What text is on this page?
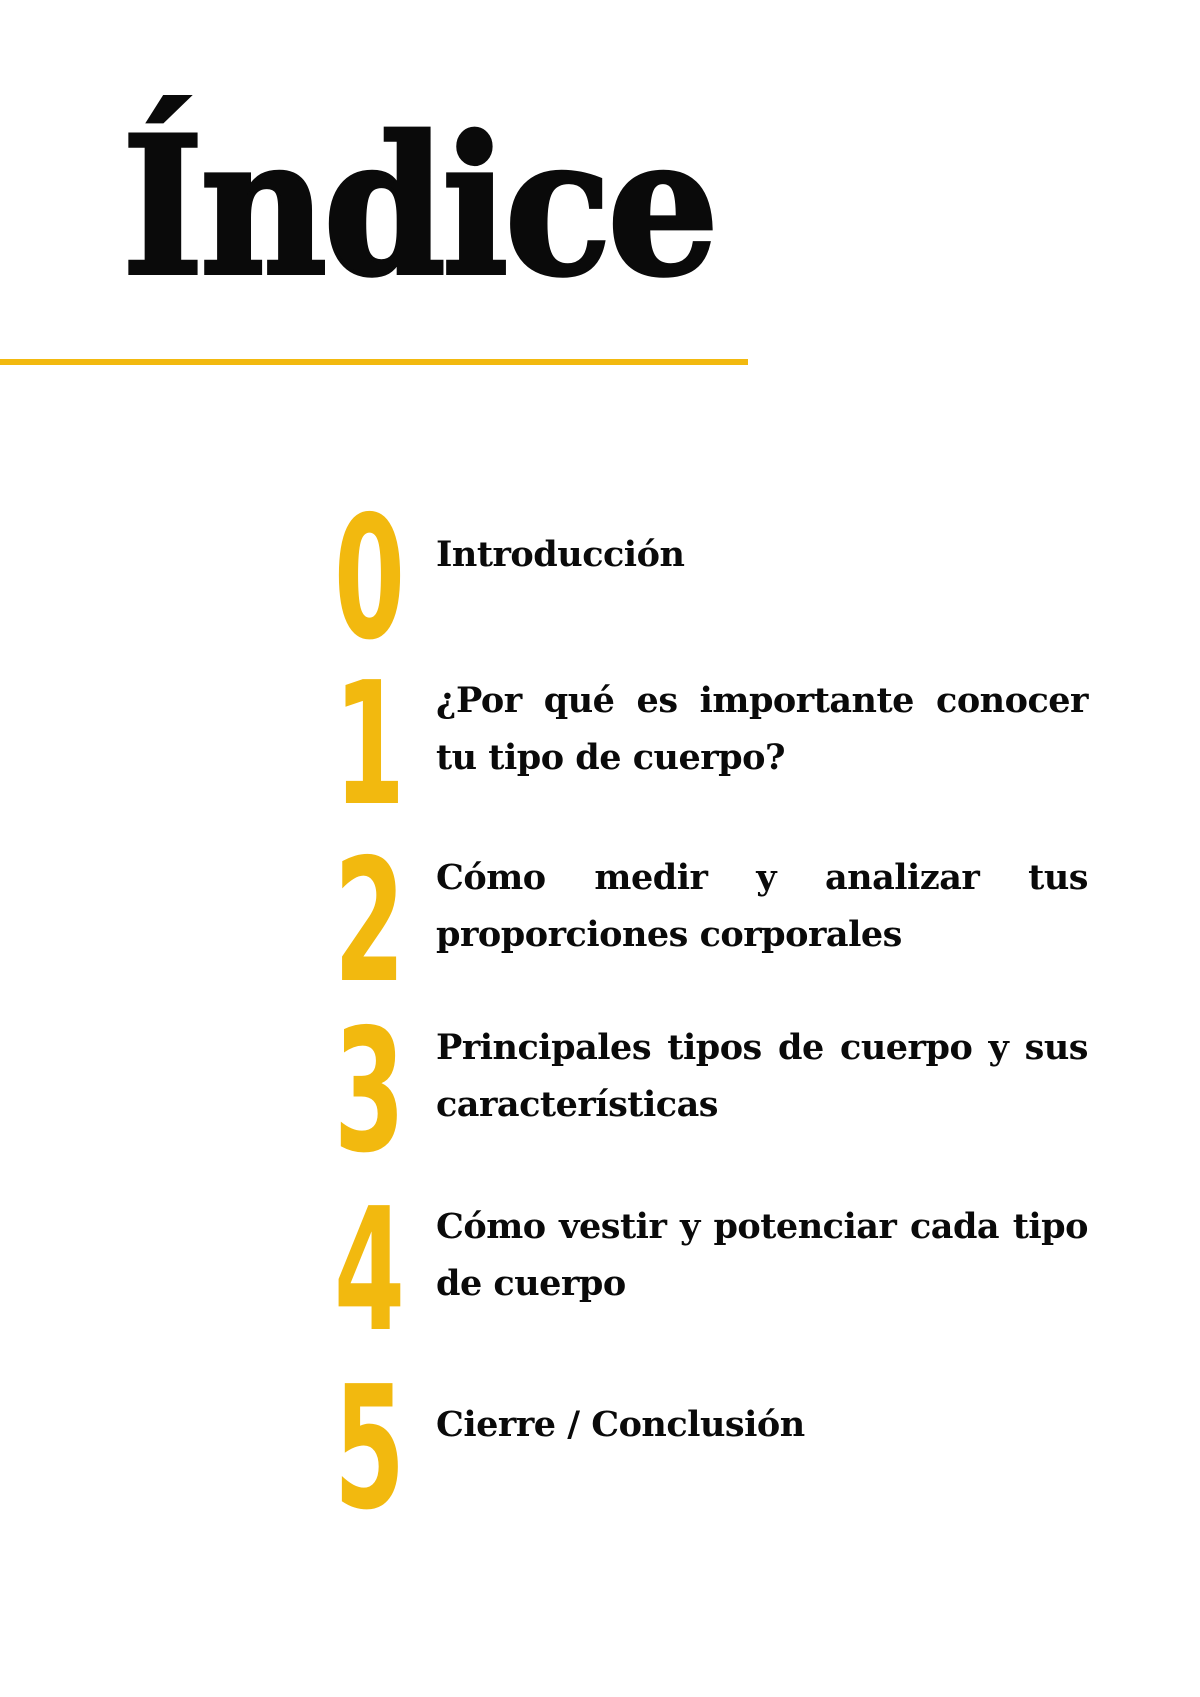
Índice
0 Introducción

1 ¿Por qué es importante conocer tu tipo de cuerpo?

2 Cómo medir y analizar tus proporciones corporales

3 Principales tipos de cuerpo y sus características

4 Cómo vestir y potenciar cada tipo de cuerpo

5 Cierre / Conclusión
